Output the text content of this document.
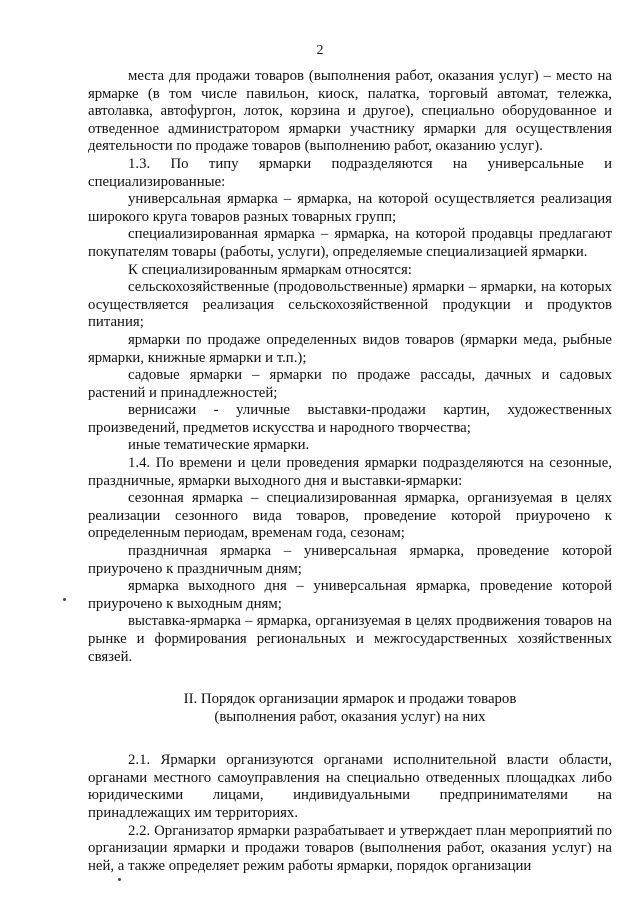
2

места для продажи товаров (выполнения работ, оказания услуг) – место на ярмарке (в том числе павильон, киоск, палатка, торговый автомат, тележка, автолавка, автофургон, лоток, корзина и другое), специально оборудованное и отведенное администратором ярмарки участнику ярмарки для осуществления деятельности по продаже товаров (выполнению работ, оказанию услуг).

1.3. По типу ярмарки подразделяются на универсальные и специализированные:

универсальная ярмарка – ярмарка, на которой осуществляется реализация широкого круга товаров разных товарных групп;

специализированная ярмарка – ярмарка, на которой продавцы предлагают покупателям товары (работы, услуги), определяемые специализацией ярмарки.

К специализированным ярмаркам относятся:

сельскохозяйственные (продовольственные) ярмарки – ярмарки, на которых осуществляется реализация сельскохозяйственной продукции и продуктов питания;

ярмарки по продаже определенных видов товаров (ярмарки меда, рыбные ярмарки, книжные ярмарки и т.п.);

садовые ярмарки – ярмарки по продаже рассады, дачных и садовых растений и принадлежностей;

вернисажи - уличные выставки-продажи картин, художественных произведений, предметов искусства и народного творчества;

иные тематические ярмарки.

1.4. По времени и цели проведения ярмарки подразделяются на сезонные, праздничные, ярмарки выходного дня и выставки-ярмарки:

сезонная ярмарка – специализированная ярмарка, организуемая в целях реализации сезонного вида товаров, проведение которой приурочено к определенным периодам, временам года, сезонам;

праздничная ярмарка – универсальная ярмарка, проведение которой приурочено к праздничным дням;

ярмарка выходного дня – универсальная ярмарка, проведение которой приурочено к выходным дням;

выставка-ярмарка – ярмарка, организуемая в целях продвижения товаров на рынке и формирования региональных и межгосударственных хозяйственных связей.

II. Порядок организации ярмарок и продажи товаров
(выполнения работ, оказания услуг) на них

2.1. Ярмарки организуются органами исполнительной власти области, органами местного самоуправления на специально отведенных площадках либо юридическими лицами, индивидуальными предпринимателями на принадлежащих им территориях.

2.2. Организатор ярмарки разрабатывает и утверждает план мероприятий по организации ярмарки и продажи товаров (выполнения работ, оказания услуг) на ней, а также определяет режим работы ярмарки, порядок организации
